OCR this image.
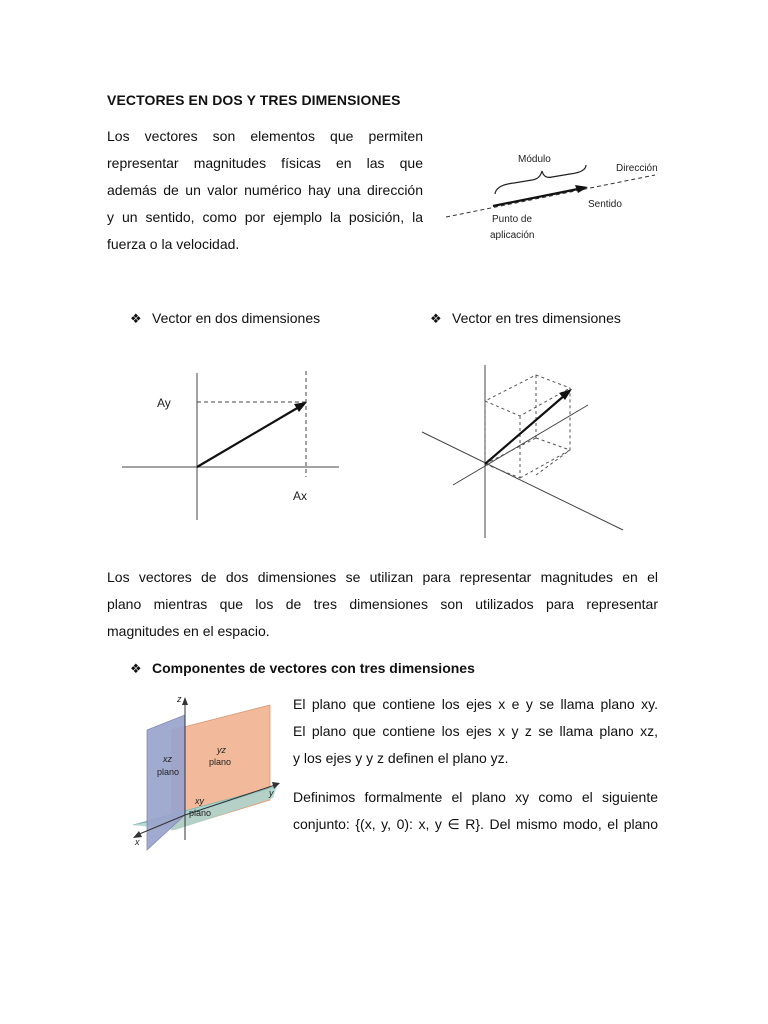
VECTORES EN DOS Y TRES DIMENSIONES
Los vectores son elementos que permiten
representar magnitudes físicas en las que
además de un valor numérico hay una dirección
y un sentido, como por ejemplo la posición, la
fuerza o la velocidad.
Módulo
Dirección
Sentido
Punto de
aplicación
❖ Vector en dos dimensiones	❖ Vector en tres dimensiones
Ay
Ax
Los vectores de dos dimensiones se utilizan para representar magnitudes en el
plano mientras que los de tres dimensiones son utilizados para representar
magnitudes en el espacio.
❖ Componentes de vectores con tres dimensiones
z
x
y
xz
plano
yz
plano
xy
plano
El plano que contiene los ejes x e y se llama plano xy.
El plano que contiene los ejes x y z se llama plano xz,
y los ejes y y z definen el plano yz.
Definimos formalmente el plano xy como el siguiente
conjunto: {(x, y, 0): x, y ∈ R}. Del mismo modo, el plano
